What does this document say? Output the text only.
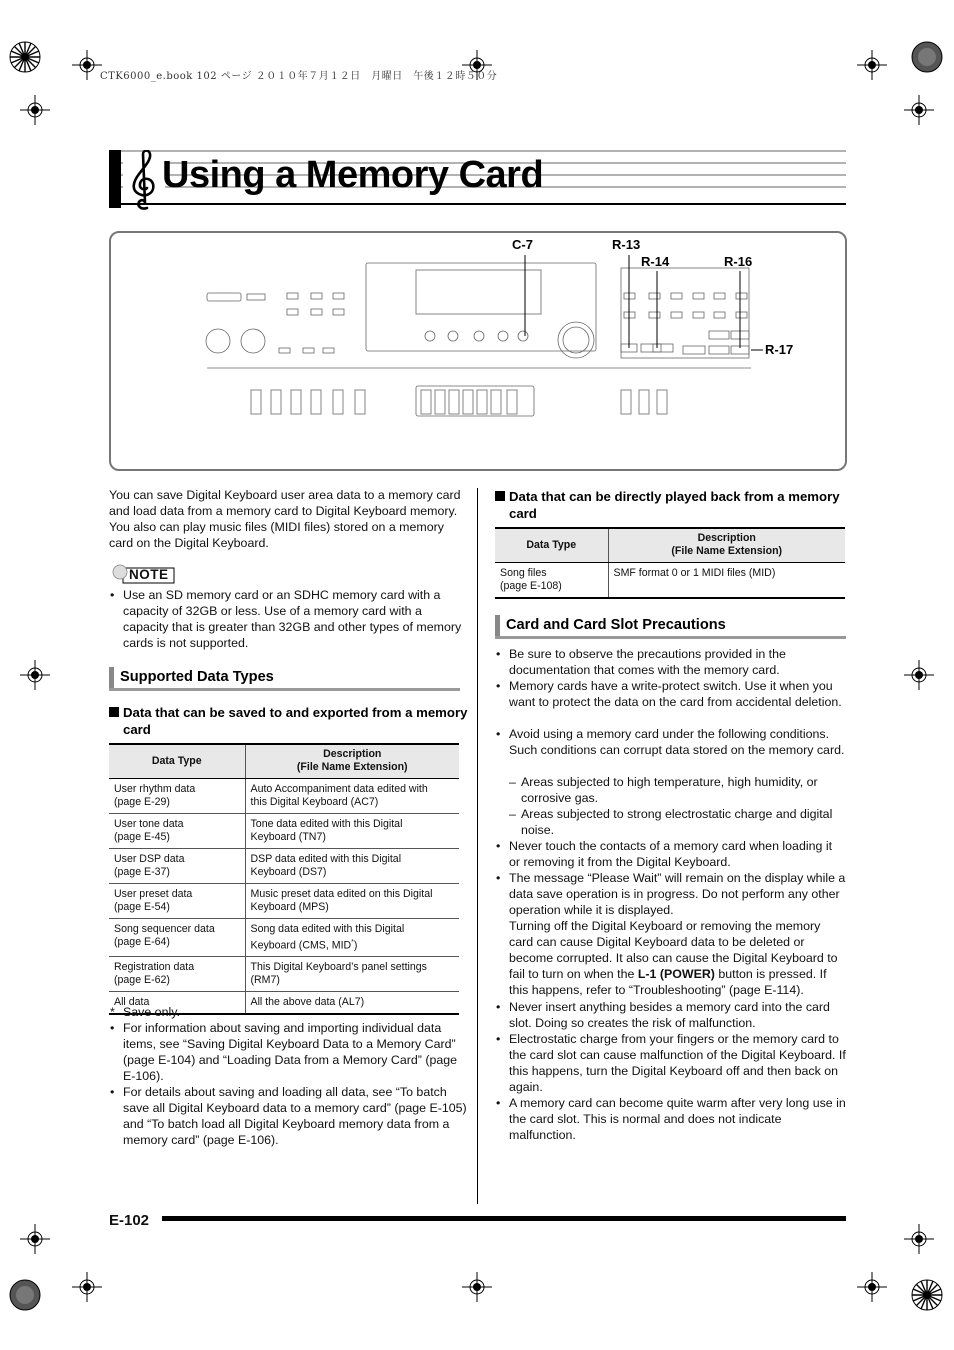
CTK6000_e.book 102 ページ ２０１０年７月１２日　月曜日　午後１２時５０分
Using a Memory Card
C-7	R-13
R-14	R-16
R-17
You can save Digital Keyboard user area data to a memory card and load data from a memory card to Digital Keyboard memory. You also can play music files (MIDI files) stored on a memory card on the Digital Keyboard.
NOTE
• Use an SD memory card or an SDHC memory card with a capacity of 32GB or less. Use of a memory card with a capacity that is greater than 32GB and other types of memory cards is not supported.
Supported Data Types
Data that can be saved to and exported from a memory card
Data Type	Description
(File Name Extension)
User rhythm data
(page E-29)	Auto Accompaniment data edited with
this Digital Keyboard (AC7)
User tone data
(page E-45)	Tone data edited with this Digital
Keyboard (TN7)
User DSP data
(page E-37)	DSP data edited with this Digital
Keyboard (DS7)
User preset data
(page E-54)	Music preset data edited on this Digital
Keyboard (MPS)
Song sequencer data
(page E-64)	Song data edited with this Digital
Keyboard (CMS, MID*)
Registration data
(page E-62)	This Digital Keyboard’s panel settings
(RM7)
All data	All the above data (AL7)
* Save only.
• For information about saving and importing individual data items, see “Saving Digital Keyboard Data to a Memory Card” (page E-104) and “Loading Data from a Memory Card” (page E-106).
• For details about saving and loading all data, see “To batch save all Digital Keyboard data to a memory card” (page E-105) and “To batch load all Digital Keyboard memory data from a memory card” (page E-106).
Data that can be directly played back from a memory card
Data Type	Description
(File Name Extension)
Song files
(page E-108)	SMF format 0 or 1 MIDI files (MID)
Card and Card Slot Precautions
• Be sure to observe the precautions provided in the documentation that comes with the memory card.
• Memory cards have a write-protect switch. Use it when you want to protect the data on the card from accidental deletion.
• Avoid using a memory card under the following conditions. Such conditions can corrupt data stored on the memory card.
– Areas subjected to high temperature, high humidity, or corrosive gas.
– Areas subjected to strong electrostatic charge and digital noise.
• Never touch the contacts of a memory card when loading it or removing it from the Digital Keyboard.
• The message “Please Wait” will remain on the display while a data save operation is in progress. Do not perform any other operation while it is displayed.
Turning off the Digital Keyboard or removing the memory card can cause Digital Keyboard data to be deleted or become corrupted. It also can cause the Digital Keyboard to fail to turn on when the L-1 (POWER) button is pressed. If this happens, refer to “Troubleshooting” (page E-114).
• Never insert anything besides a memory card into the card slot. Doing so creates the risk of malfunction.
• Electrostatic charge from your fingers or the memory card to the card slot can cause malfunction of the Digital Keyboard. If this happens, turn the Digital Keyboard off and then back on again.
• A memory card can become quite warm after very long use in the card slot. This is normal and does not indicate malfunction.
E-102
